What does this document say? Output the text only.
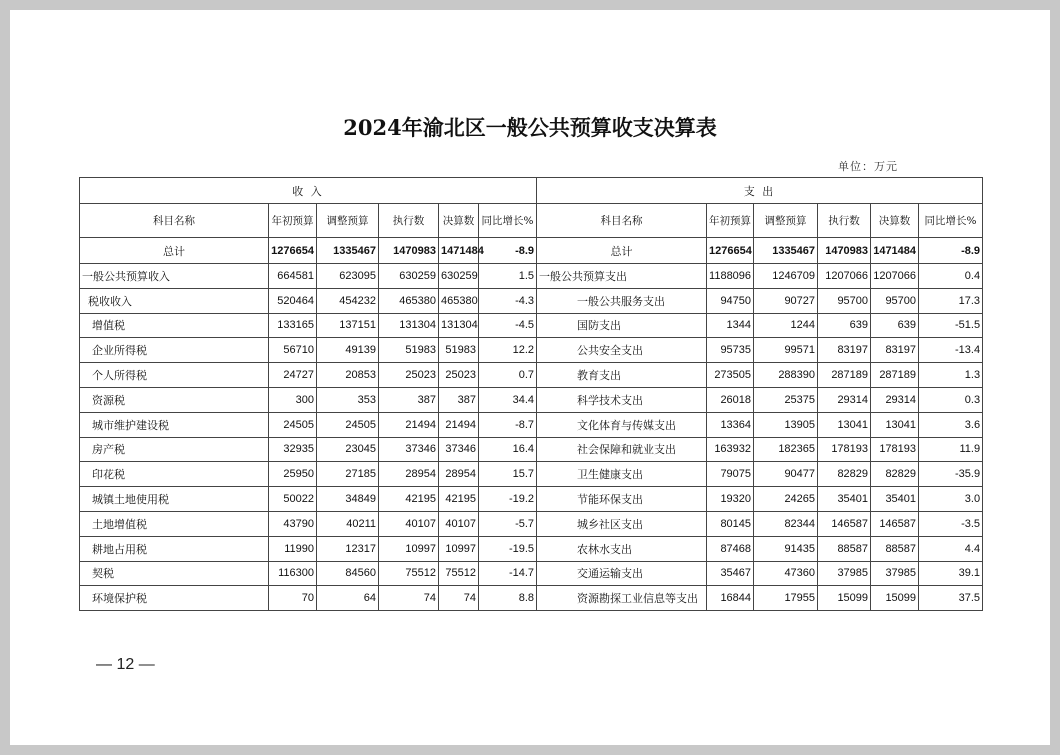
2024年渝北区一般公共预算收支决算表
单位：万元
收 入						支 出					
科目名称	年初预算	调整预算	执行数	决算数	同比增长%	科目名称	年初预算	调整预算	执行数	决算数	同比增长%
总计	1276654	1335467	1470983	1471484	-8.9	总计	1276654	1335467	1470983	1471484	-8.9
一般公共预算收入	664581	623095	630259	630259	1.5	一般公共预算支出	1188096	1246709	1207066	1207066	0.4
税收收入	520464	454232	465380	465380	-4.3	一般公共服务支出	94750	90727	95700	95700	17.3
增值税	133165	137151	131304	131304	-4.5	国防支出	1344	1244	639	639	-51.5
企业所得税	56710	49139	51983	51983	12.2	公共安全支出	95735	99571	83197	83197	-13.4
个人所得税	24727	20853	25023	25023	0.7	教育支出	273505	288390	287189	287189	1.3
资源税	300	353	387	387	34.4	科学技术支出	26018	25375	29314	29314	0.3
城市维护建设税	24505	24505	21494	21494	-8.7	文化体育与传媒支出	13364	13905	13041	13041	3.6
房产税	32935	23045	37346	37346	16.4	社会保障和就业支出	163932	182365	178193	178193	11.9
印花税	25950	27185	28954	28954	15.7	卫生健康支出	79075	90477	82829	82829	-35.9
城镇土地使用税	50022	34849	42195	42195	-19.2	节能环保支出	19320	24265	35401	35401	3.0
土地增值税	43790	40211	40107	40107	-5.7	城乡社区支出	80145	82344	146587	146587	-3.5
耕地占用税	11990	12317	10997	10997	-19.5	农林水支出	87468	91435	88587	88587	4.4
契税	116300	84560	75512	75512	-14.7	交通运输支出	35467	47360	37985	37985	39.1
环境保护税	70	64	74	74	8.8	资源勘探工业信息等支出	16844	17955	15099	15099	37.5
— 12 —
